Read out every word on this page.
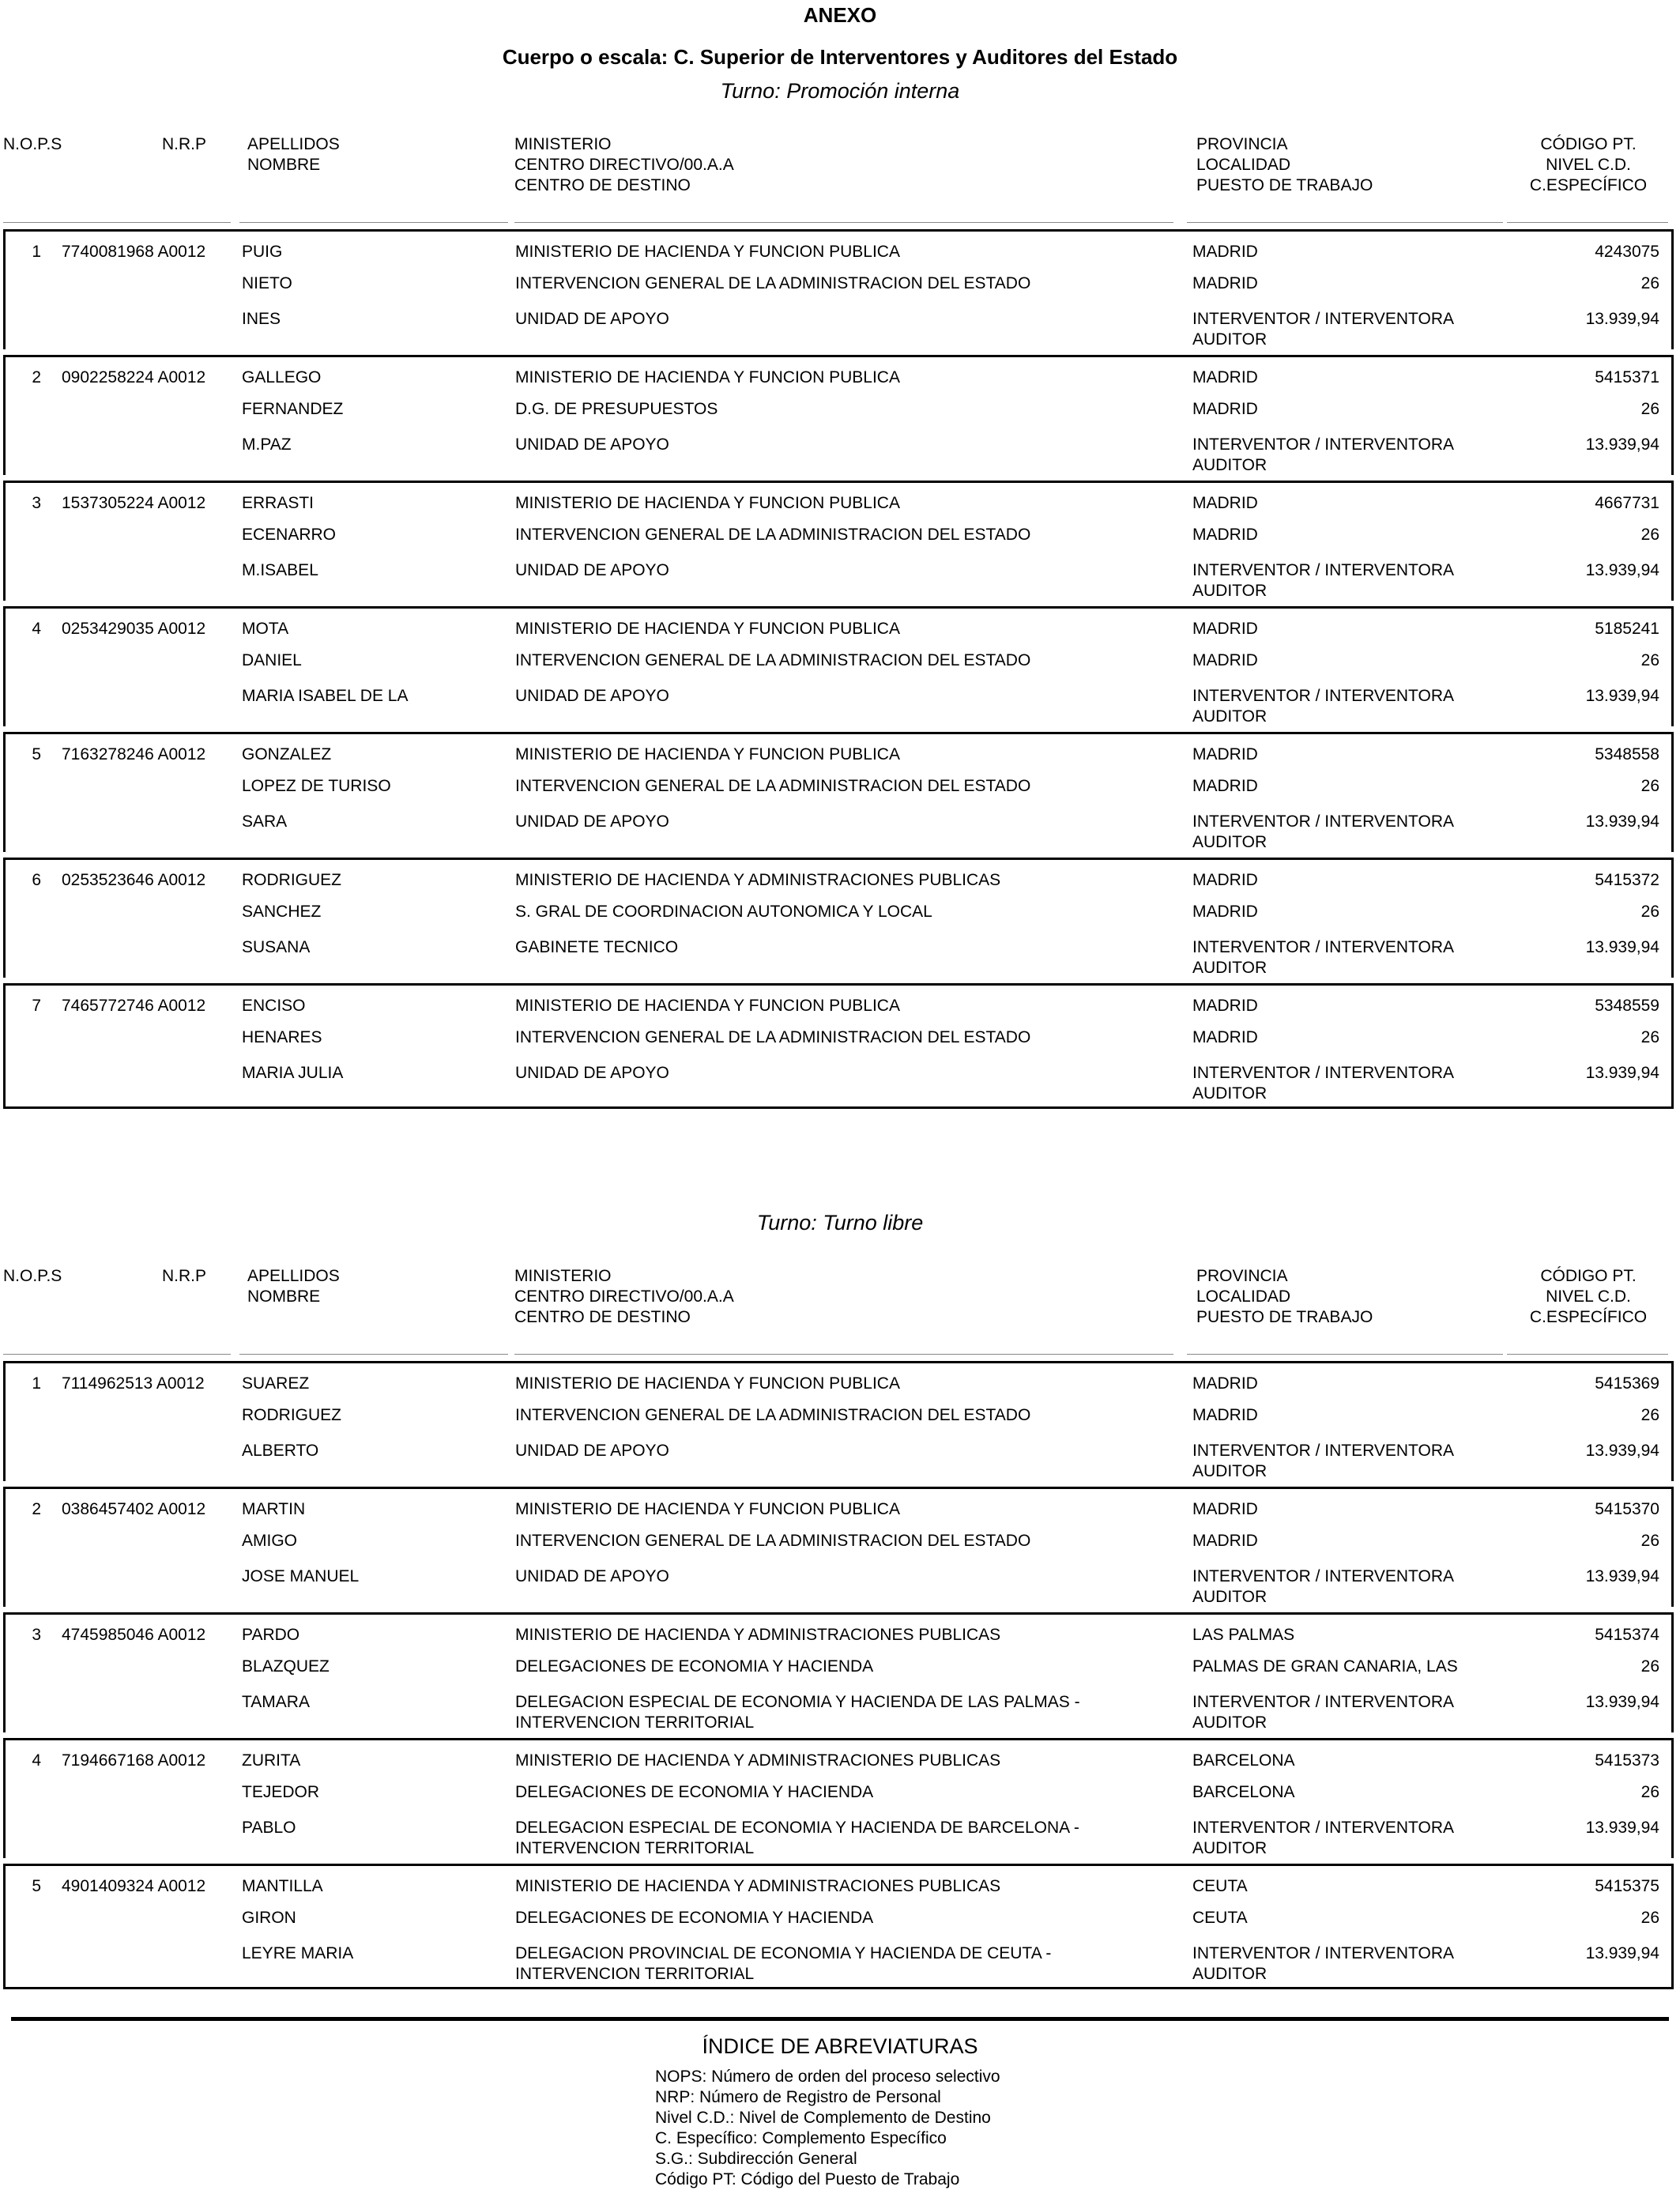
ANEXO
Cuerpo o escala: C. Superior de Interventores y Auditores del Estado
Turno: Promoción interna
N.O.P.S	N.R.P APELLIDOS
NOMBRE
MINISTERIO
CENTRO DIRECTIVO/00.A.A
CENTRO DE DESTINO
PROVINCIA
LOCALIDAD
PUESTO DE TRABAJO
CÓDIGO PT.
NIVEL C.D.
C.ESPECÍFICO
1 7740081968 A0012 PUIG
NIETO
INES
MINISTERIO DE HACIENDA Y FUNCION PUBLICA
INTERVENCION GENERAL DE LA ADMINISTRACION DEL ESTADO
UNIDAD DE APOYO
MADRID
MADRID
INTERVENTOR / INTERVENTORA
AUDITOR
4243075
26
13.939,94
2 0902258224 A0012 GALLEGO
FERNANDEZ
M.PAZ
MINISTERIO DE HACIENDA Y FUNCION PUBLICA
D.G. DE PRESUPUESTOS
UNIDAD DE APOYO
MADRID
MADRID
INTERVENTOR / INTERVENTORA
AUDITOR
5415371
26
13.939,94
3 1537305224 A0012 ERRASTI
ECENARRO
M.ISABEL
MINISTERIO DE HACIENDA Y FUNCION PUBLICA
INTERVENCION GENERAL DE LA ADMINISTRACION DEL ESTADO
UNIDAD DE APOYO
MADRID
MADRID
INTERVENTOR / INTERVENTORA
AUDITOR
4667731
26
13.939,94
4 0253429035 A0012 MOTA
DANIEL
MARIA ISABEL DE LA
MINISTERIO DE HACIENDA Y FUNCION PUBLICA
INTERVENCION GENERAL DE LA ADMINISTRACION DEL ESTADO
UNIDAD DE APOYO
MADRID
MADRID
INTERVENTOR / INTERVENTORA
AUDITOR
5185241
26
13.939,94
5 7163278246 A0012 GONZALEZ
LOPEZ DE TURISO
SARA
MINISTERIO DE HACIENDA Y FUNCION PUBLICA
INTERVENCION GENERAL DE LA ADMINISTRACION DEL ESTADO
UNIDAD DE APOYO
MADRID
MADRID
INTERVENTOR / INTERVENTORA
AUDITOR
5348558
26
13.939,94
6 0253523646 A0012 RODRIGUEZ
SANCHEZ
SUSANA
MINISTERIO DE HACIENDA Y ADMINISTRACIONES PUBLICAS
S. GRAL DE COORDINACION AUTONOMICA Y LOCAL
GABINETE TECNICO
MADRID
MADRID
INTERVENTOR / INTERVENTORA
AUDITOR
5415372
26
13.939,94
7 7465772746 A0012 ENCISO
HENARES
MARIA JULIA
MINISTERIO DE HACIENDA Y FUNCION PUBLICA
INTERVENCION GENERAL DE LA ADMINISTRACION DEL ESTADO
UNIDAD DE APOYO
MADRID
MADRID
INTERVENTOR / INTERVENTORA
AUDITOR
5348559
26
13.939,94
Turno: Turno libre
N.O.P.S	N.R.P APELLIDOS
NOMBRE
MINISTERIO
CENTRO DIRECTIVO/00.A.A
CENTRO DE DESTINO
PROVINCIA
LOCALIDAD
PUESTO DE TRABAJO
CÓDIGO PT.
NIVEL C.D.
C.ESPECÍFICO
1 7114962513 A0012 SUAREZ
RODRIGUEZ
ALBERTO
MINISTERIO DE HACIENDA Y FUNCION PUBLICA
INTERVENCION GENERAL DE LA ADMINISTRACION DEL ESTADO
UNIDAD DE APOYO
MADRID
MADRID
INTERVENTOR / INTERVENTORA
AUDITOR
5415369
26
13.939,94
2 0386457402 A0012 MARTIN
AMIGO
JOSE MANUEL
MINISTERIO DE HACIENDA Y FUNCION PUBLICA
INTERVENCION GENERAL DE LA ADMINISTRACION DEL ESTADO
UNIDAD DE APOYO
MADRID
MADRID
INTERVENTOR / INTERVENTORA
AUDITOR
5415370
26
13.939,94
3 4745985046 A0012 PARDO
BLAZQUEZ
TAMARA
MINISTERIO DE HACIENDA Y ADMINISTRACIONES PUBLICAS
DELEGACIONES DE ECONOMIA Y HACIENDA
DELEGACION ESPECIAL DE ECONOMIA Y HACIENDA DE LAS PALMAS -
INTERVENCION TERRITORIAL
LAS PALMAS
PALMAS DE GRAN CANARIA, LAS
INTERVENTOR / INTERVENTORA
AUDITOR
5415374
26
13.939,94
4 7194667168 A0012 ZURITA
TEJEDOR
PABLO
MINISTERIO DE HACIENDA Y ADMINISTRACIONES PUBLICAS
DELEGACIONES DE ECONOMIA Y HACIENDA
DELEGACION ESPECIAL DE ECONOMIA Y HACIENDA DE BARCELONA -
INTERVENCION TERRITORIAL
BARCELONA
BARCELONA
INTERVENTOR / INTERVENTORA
AUDITOR
5415373
26
13.939,94
5 4901409324 A0012 MANTILLA
GIRON
LEYRE MARIA
MINISTERIO DE HACIENDA Y ADMINISTRACIONES PUBLICAS
DELEGACIONES DE ECONOMIA Y HACIENDA
DELEGACION PROVINCIAL DE ECONOMIA Y HACIENDA DE CEUTA -
INTERVENCION TERRITORIAL
CEUTA
CEUTA
INTERVENTOR / INTERVENTORA
AUDITOR
5415375
26
13.939,94
ÍNDICE DE ABREVIATURAS
NOPS: Número de orden del proceso selectivo
NRP: Número de Registro de Personal
Nivel C.D.: Nivel de Complemento de Destino
C. Específico: Complemento Específico
S.G.: Subdirección General
Código PT: Código del Puesto de Trabajo
